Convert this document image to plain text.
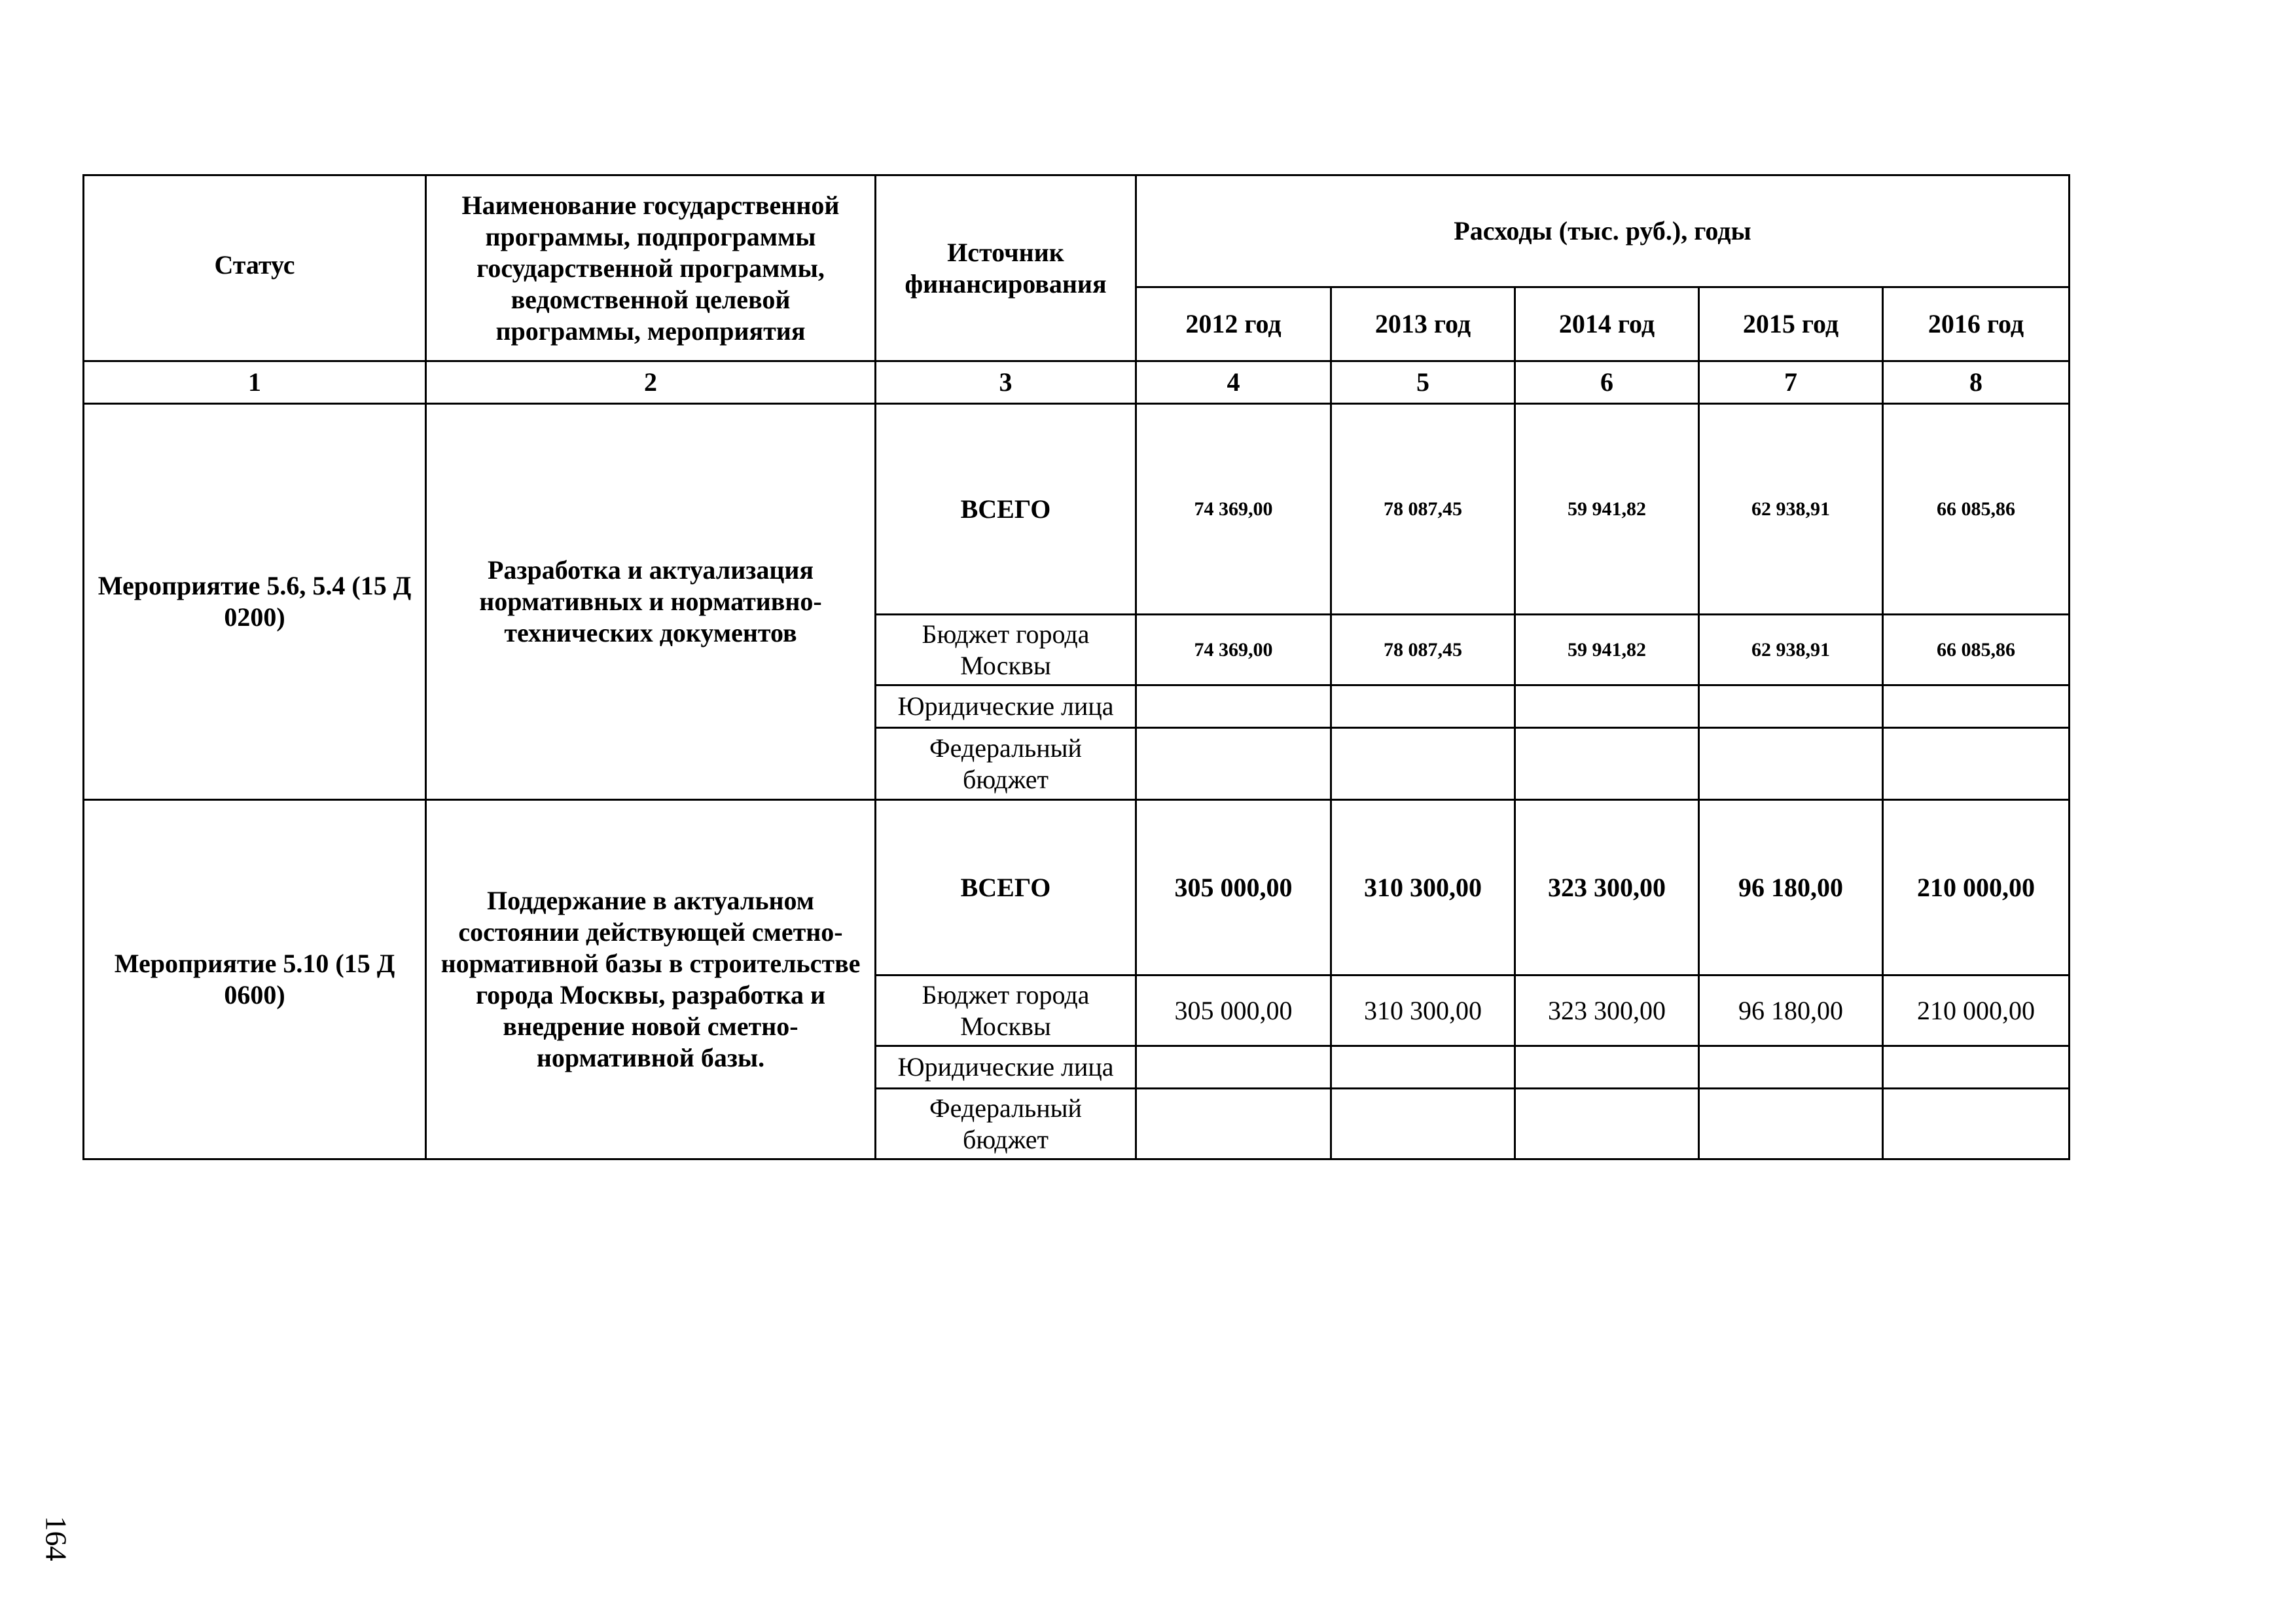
	Наименование государственной программы, подпрограммы государственной программы, ведомственной целевой программы, мероприятия	Источник финансирования	Расходы (тыс. руб.), годы				

Статус			2012 год	2013 год	2014 год	2015 год	2016 год
1	2	3	4	5	6	7	8
Мероприятие 5.6, 5.4 (15 Д 0200)	Разработка и актуализация нормативных и нормативно-технических документов	ВСЕГО	74 369,00	78 087,45	59 941,82	62 938,91	66 085,86
		Бюджет города Москвы	74 369,00	78 087,45	59 941,82	62 938,91	66 085,86
		Юридические лица					
		Федеральный бюджет					
Мероприятие 5.10 (15 Д 0600)	Поддержание в актуальном состоянии действующей сметно-нормативной базы в строительстве города Москвы, разработка и внедрение новой сметно-нормативной базы.	ВСЕГО	305 000,00	310 300,00	323 300,00	96 180,00	210 000,00
		Бюджет города Москвы	305 000,00	310 300,00	323 300,00	96 180,00	210 000,00
		Юридические лица					
		Федеральный бюджет					
164
